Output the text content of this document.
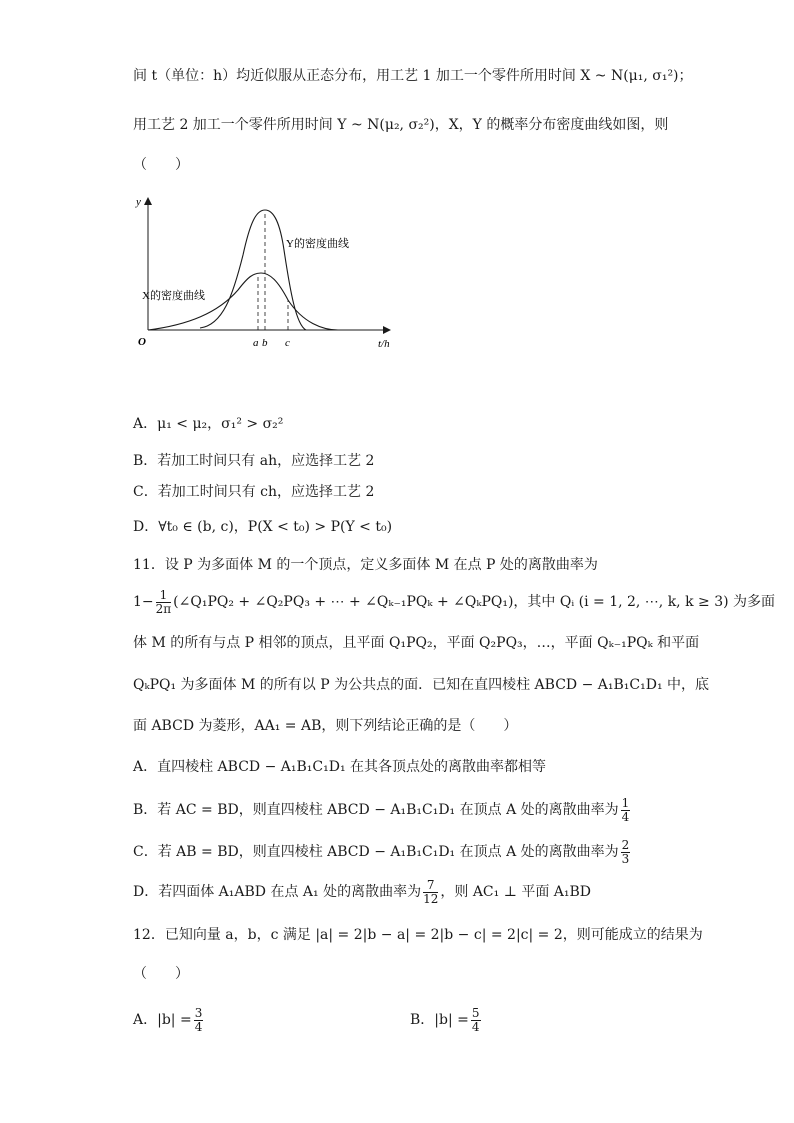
间 t（单位：h）均近似服从正态分布，用工艺 1 加工一个零件所用时间 X ~ N(μ₁, σ₁²)；
用工艺 2 加工一个零件所用时间 Y ~ N(μ₂, σ₂²)，X，Y 的概率分布密度曲线如图，则
（　　）
y
t/h
O	a b c
X的密度曲线
Y的密度曲线
A．μ₁ < μ₂，σ₁² > σ₂²
B．若加工时间只有 ah，应选择工艺 2
C．若加工时间只有 ch，应选择工艺 2
D．∀t₀ ∈ (b, c)，P(X < t₀) > P(Y < t₀)
11．设 P 为多面体 M 的一个顶点，定义多面体 M 在点 P 处的离散曲率为
$1- \frac{1}{2\pi}$ (∠Q₁PQ₂ + ∠Q₂PQ₃ + ⋯ + ∠Qₖ₋₁PQₖ + ∠QₖPQ₁)，其中 Qᵢ (i = 1, 2, ⋯, k, k ≥ 3) 为多面
体 M 的所有与点 P 相邻的顶点，且平面 Q₁PQ₂，平面 Q₂PQ₃，…，平面 Qₖ₋₁PQₖ 和平面
QₖPQ₁ 为多面体 M 的所有以 P 为公共点的面．已知在直四棱柱 ABCD − A₁B₁C₁D₁ 中，底
面 ABCD 为菱形，AA₁ = AB，则下列结论正确的是（　　）
A．直四棱柱 ABCD − A₁B₁C₁D₁ 在其各顶点处的离散曲率都相等
B．若 AC = BD，则直四棱柱 ABCD − A₁B₁C₁D₁ 在顶点 A 处的离散曲率为 $\frac{1}{4}$
C．若 AB = BD，则直四棱柱 ABCD − A₁B₁C₁D₁ 在顶点 A 处的离散曲率为 $\frac{2}{3}$
D．若四面体 A₁ABD 在点 A₁ 处的离散曲率为 $\frac{7}{12}$ ，则 AC₁ ⊥ 平面 A₁BD
12．已知向量 a，b，c 满足 |a| = 2|b − a| = 2|b − c| = 2|c| = 2，则可能成立的结果为
（　　）
A．$|b| = \frac{3}{4}$	B．$|b| = \frac{5}{4}$
